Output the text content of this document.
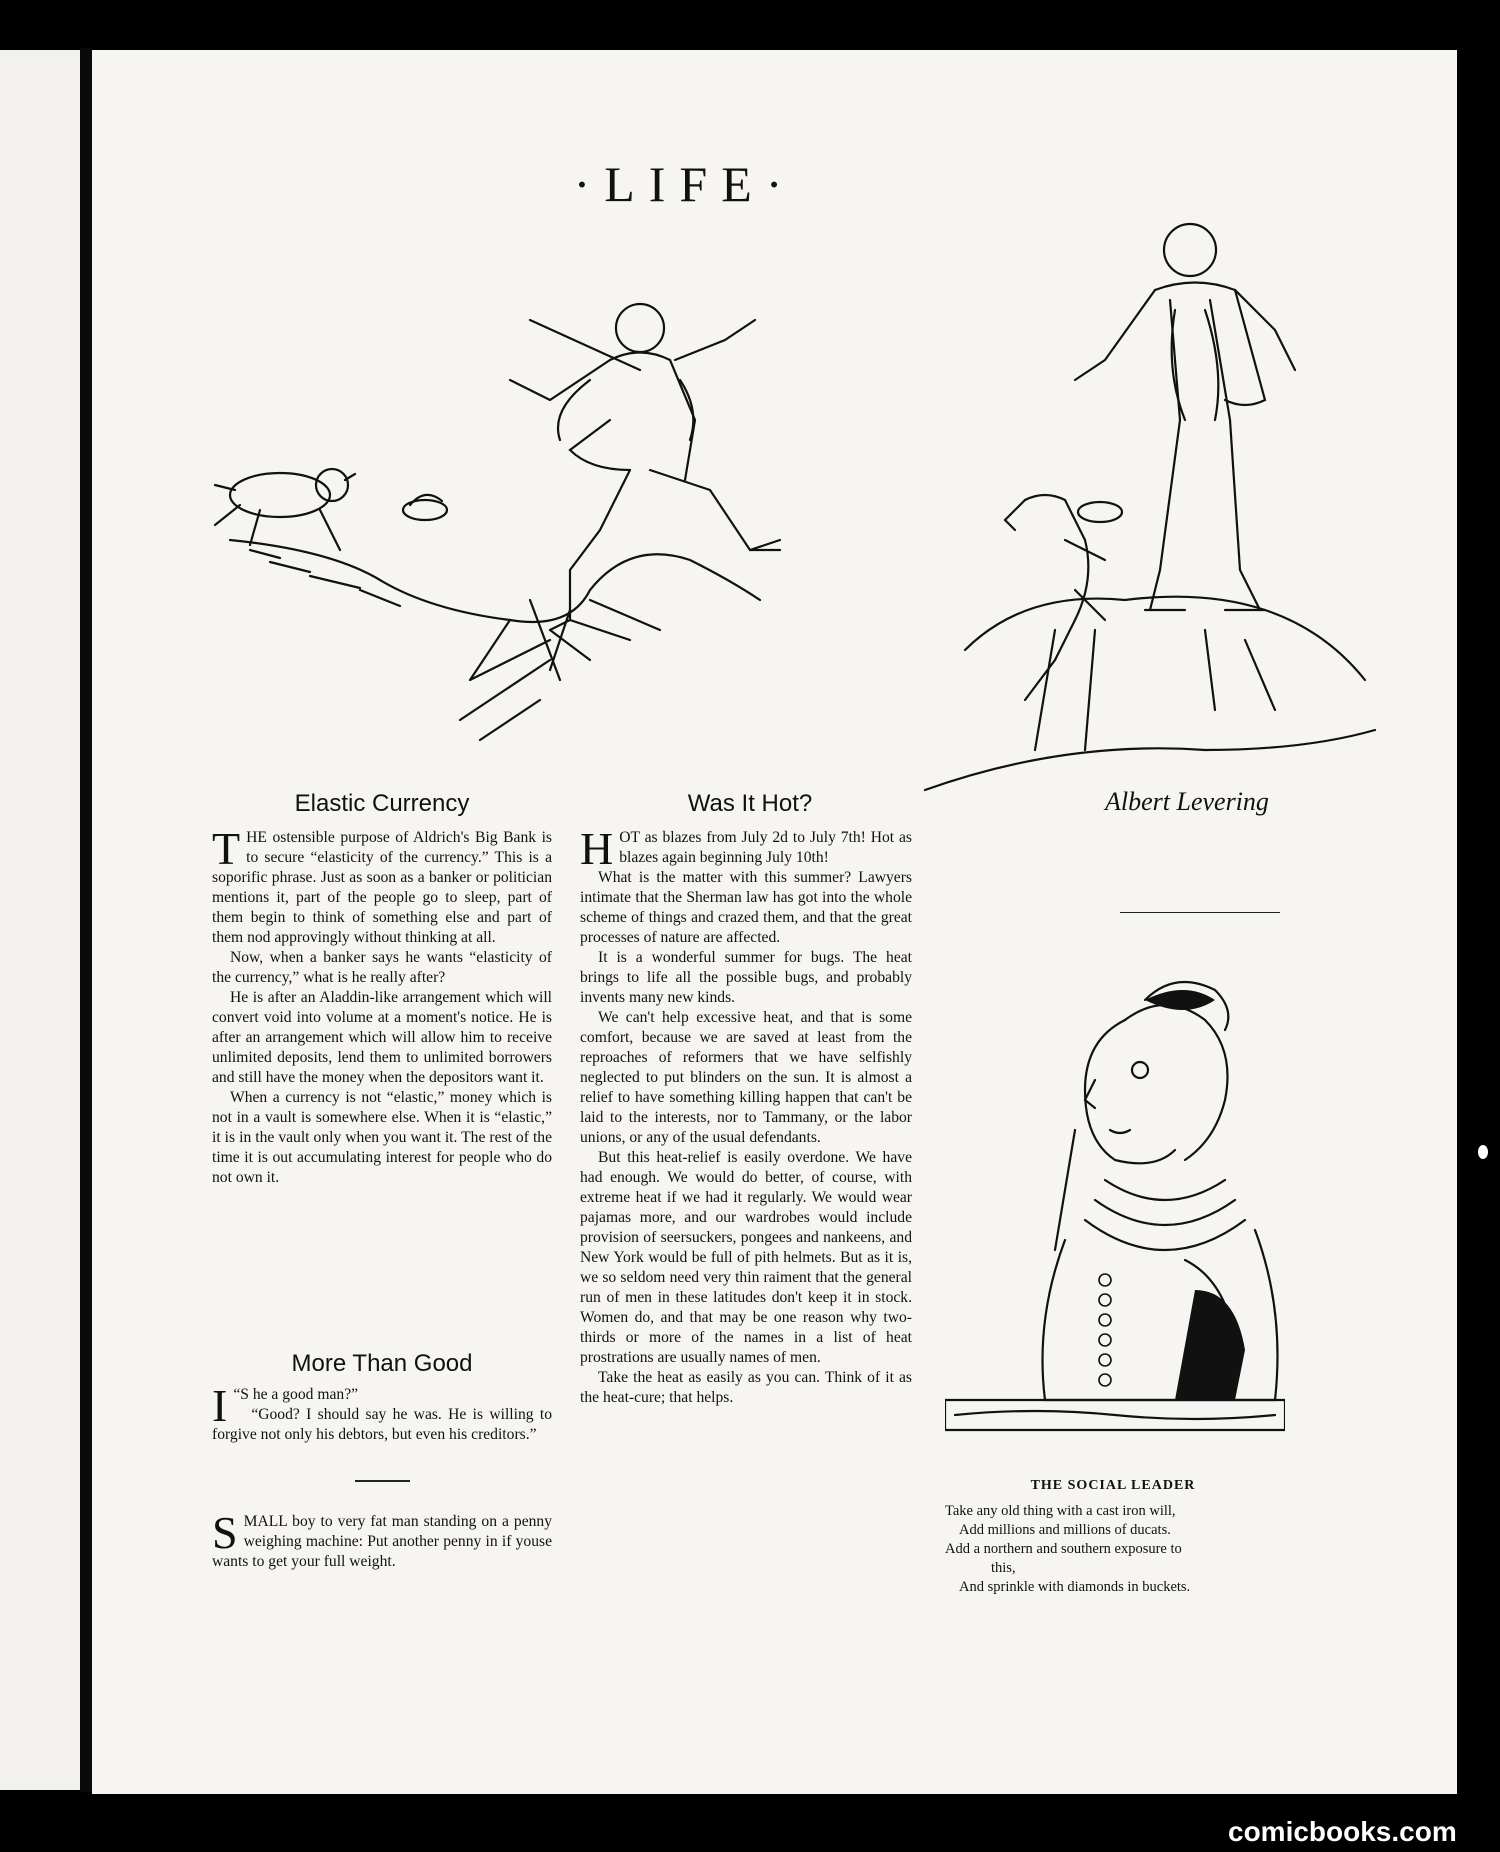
·LIFE·
Albert Levering
THE SOCIAL LEADER
Take any old thing with a cast iron will,
Add millions and millions of ducats.
Add a northern and southern exposure to
this,
And sprinkle with diamonds in buckets.
Elastic Currency

THE ostensible purpose of Aldrich's Big Bank is to secure “elasticity of the currency.” This is a soporific phrase. Just as soon as a banker or politician mentions it, part of the people go to sleep, part of them begin to think of something else and part of them nod approvingly without thinking at all.

Now, when a banker says he wants “elasticity of the currency,” what is he really after?

He is after an Aladdin-like arrangement which will convert void into volume at a moment's notice. He is after an arrangement which will allow him to receive unlimited deposits, lend them to unlimited borrowers and still have the money when the depositors want it.

When a currency is not “elastic,” money which is not in a vault is somewhere else. When it is “elastic,” it is in the vault only when you want it. The rest of the time it is out accumulating interest for people who do not own it.

More Than Good

I “S he a good man?”

“Good? I should say he was. He is willing to forgive not only his debtors, but even his creditors.”

SMALL boy to very fat man standing on a penny weighing machine: Put another penny in if youse wants to get your full weight.

Was It Hot?

HOT as blazes from July 2d to July 7th! Hot as blazes again beginning July 10th!

What is the matter with this summer? Lawyers intimate that the Sherman law has got into the whole scheme of things and crazed them, and that the great processes of nature are affected.

It is a wonderful summer for bugs. The heat brings to life all the possible bugs, and probably invents many new kinds.

We can't help excessive heat, and that is some comfort, because we are saved at least from the reproaches of reformers that we have selfishly neglected to put blinders on the sun. It is almost a relief to have something killing happen that can't be laid to the interests, nor to Tammany, or the labor unions, or any of the usual defendants.

But this heat-relief is easily overdone. We have had enough. We would do better, of course, with extreme heat if we had it regularly. We would wear pajamas more, and our wardrobes would include provision of seersuckers, pongees and nankeens, and New York would be full of pith helmets. But as it is, we so seldom need very thin raiment that the general run of men in these latitudes don't keep it in stock. Women do, and that may be one reason why two-thirds or more of the names in a list of heat prostrations are usually names of men.

Take the heat as easily as you can. Think of it as the heat-cure; that helps.

comicbooks.com
